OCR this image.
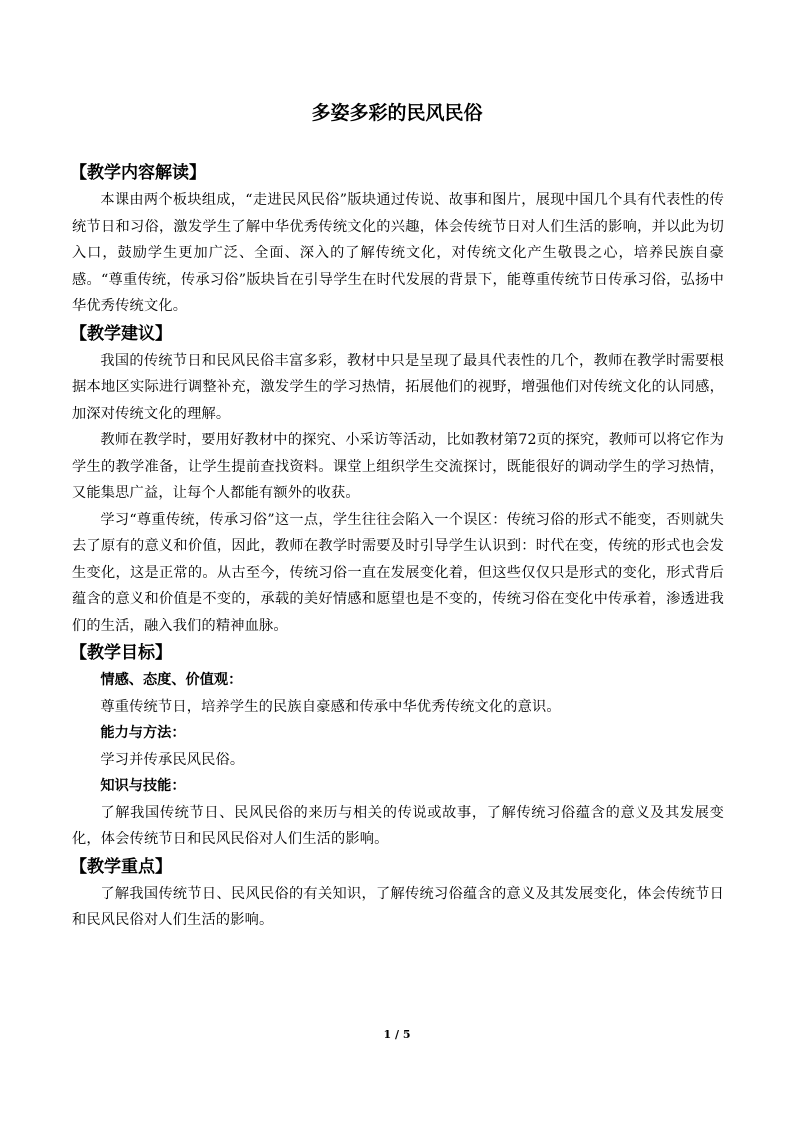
多姿多彩的民风民俗
【教学内容解读】

本课由两个板块组成，“走进民风民俗”版块通过传说、故事和图片，展现中国几个具有代表性的传统节日和习俗，激发学生了解中华优秀传统文化的兴趣，体会传统节日对人们生活的影响，并以此为切入口，鼓励学生更加广泛、全面、深入的了解传统文化，对传统文化产生敬畏之心，培养民族自豪感。“尊重传统，传承习俗”版块旨在引导学生在时代发展的背景下，能尊重传统节日传承习俗，弘扬中华优秀传统文化。

【教学建议】

我国的传统节日和民风民俗丰富多彩，教材中只是呈现了最具代表性的几个，教师在教学时需要根据本地区实际进行调整补充，激发学生的学习热情，拓展他们的视野，增强他们对传统文化的认同感，加深对传统文化的理解。

教师在教学时，要用好教材中的探究、小采访等活动，比如教材第72页的探究，教师可以将它作为学生的教学准备，让学生提前查找资料。课堂上组织学生交流探讨，既能很好的调动学生的学习热情，又能集思广益，让每个人都能有额外的收获。

学习“尊重传统，传承习俗”这一点，学生往往会陷入一个误区：传统习俗的形式不能变，否则就失去了原有的意义和价值，因此，教师在教学时需要及时引导学生认识到：时代在变，传统的形式也会发生变化，这是正常的。从古至今，传统习俗一直在发展变化着，但这些仅仅只是形式的变化，形式背后蕴含的意义和价值是不变的，承载的美好情感和愿望也是不变的，传统习俗在变化中传承着，渗透进我们的生活，融入我们的精神血脉。

【教学目标】

情感、态度、价值观：

尊重传统节日，培养学生的民族自豪感和传承中华优秀传统文化的意识。

能力与方法：

学习并传承民风民俗。

知识与技能：

了解我国传统节日、民风民俗的来历与相关的传说或故事，了解传统习俗蕴含的意义及其发展变化，体会传统节日和民风民俗对人们生活的影响。

【教学重点】

了解我国传统节日、民风民俗的有关知识，了解传统习俗蕴含的意义及其发展变化，体会传统节日和民风民俗对人们生活的影响。

1 / 5
